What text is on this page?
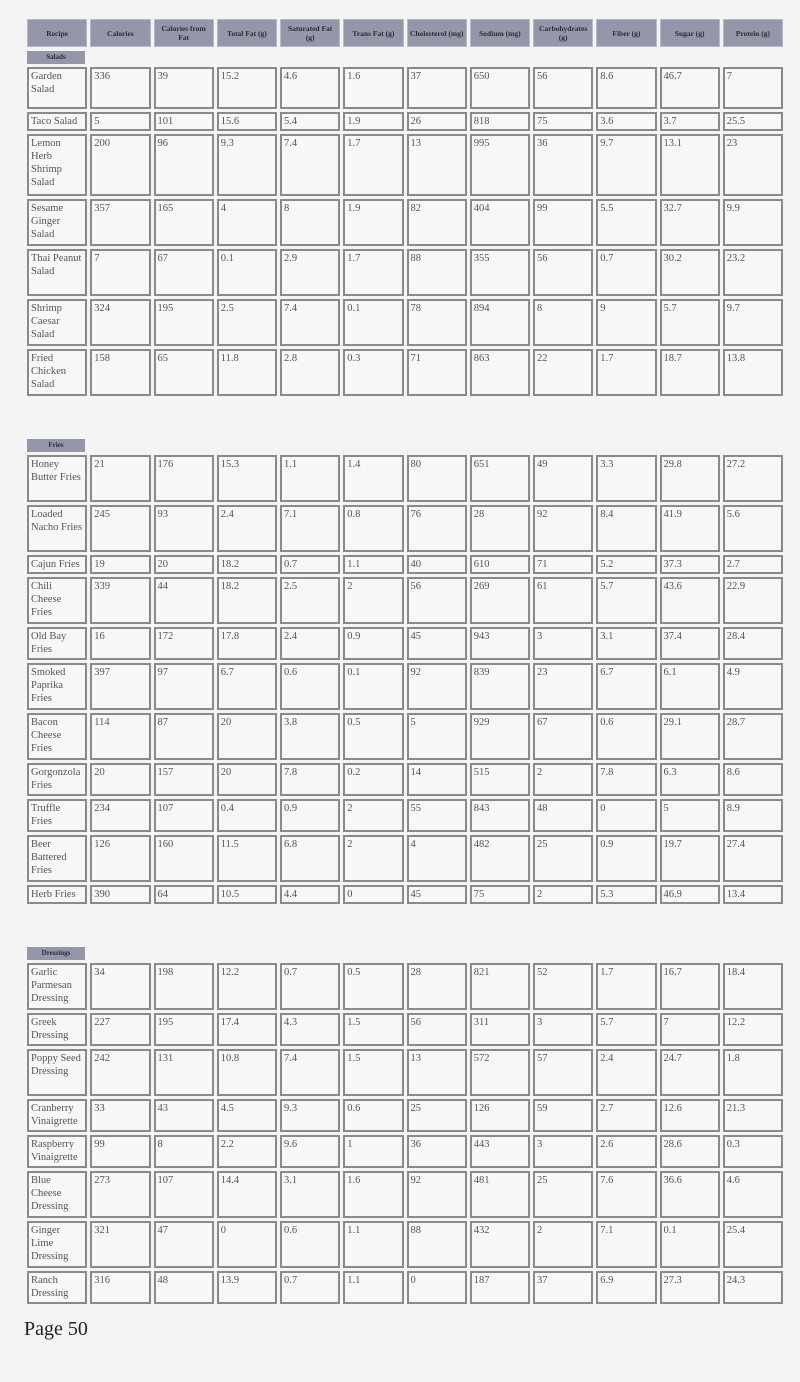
Recipe	Calories	Calories from Fat	Total Fat (g)	Saturated Fat (g)	Trans Fat (g)	Cholesterol (mg)	Sodium (mg)	Carbohydrates (g)	Fiber (g)	Sugar (g)	Protein (g)

Salads											

Garden Salad	336	39	15.2	4.6	1.6	37	650	56	8.6	46.7	7
Taco Salad	5	101	15.6	5.4	1.9	26	818	75	3.6	3.7	25.5
Lemon Herb Shrimp Salad	200	96	9.3	7.4	1.7	13	995	36	9.7	13.1	23
Sesame Ginger Salad	357	165	4	8	1.9	82	404	99	5.5	32.7	9.9
Thai Peanut Salad	7	67	0.1	2.9	1.7	88	355	56	0.7	30.2	23.2
Shrimp Caesar Salad	324	195	2.5	7.4	0.1	78	894	8	9	5.7	9.7
Fried Chicken Salad	158	65	11.8	2.8	0.3	71	863	22	1.7	18.7	13.8

Fries											

Honey Butter Fries	21	176	15.3	1.1	1.4	80	651	49	3.3	29.8	27.2
Loaded Nacho Fries	245	93	2.4	7.1	0.8	76	28	92	8.4	41.9	5.6
Cajun Fries	19	20	18.2	0.7	1.1	40	610	71	5.2	37.3	2.7
Chili Cheese Fries	339	44	18.2	2.5	2	56	269	61	5.7	43.6	22.9
Old Bay Fries	16	172	17.8	2.4	0.9	45	943	3	3.1	37.4	28.4
Smoked Paprika Fries	397	97	6.7	0.6	0.1	92	839	23	6.7	6.1	4.9
Bacon Cheese Fries	114	87	20	3.8	0.5	5	929	67	0.6	29.1	28.7
Gorgonzola Fries	20	157	20	7.8	0.2	14	515	2	7.8	6.3	8.6
Truffle Fries	234	107	0.4	0.9	2	55	843	48	0	5	8.9
Beer Battered Fries	126	160	11.5	6.8	2	4	482	25	0.9	19.7	27.4
Herb Fries	390	64	10.5	4.4	0	45	75	2	5.3	46.9	13.4

Dressings											

Garlic Parmesan Dressing	34	198	12.2	0.7	0.5	28	821	52	1.7	16.7	18.4
Greek Dressing	227	195	17.4	4.3	1.5	56	311	3	5.7	7	12.2
Poppy Seed Dressing	242	131	10.8	7.4	1.5	13	572	57	2.4	24.7	1.8
Cranberry Vinaigrette	33	43	4.5	9.3	0.6	25	126	59	2.7	12.6	21.3
Raspberry Vinaigrette	99	8	2.2	9.6	1	36	443	3	2.6	28.6	0.3
Blue Cheese Dressing	273	107	14.4	3.1	1.6	92	481	25	7.6	36.6	4.6
Ginger Lime Dressing	321	47	0	0.6	1.1	88	432	2	7.1	0.1	25.4
Ranch Dressing	316	48	13.9	0.7	1.1	0	187	37	6.9	27.3	24.3
Page 50
